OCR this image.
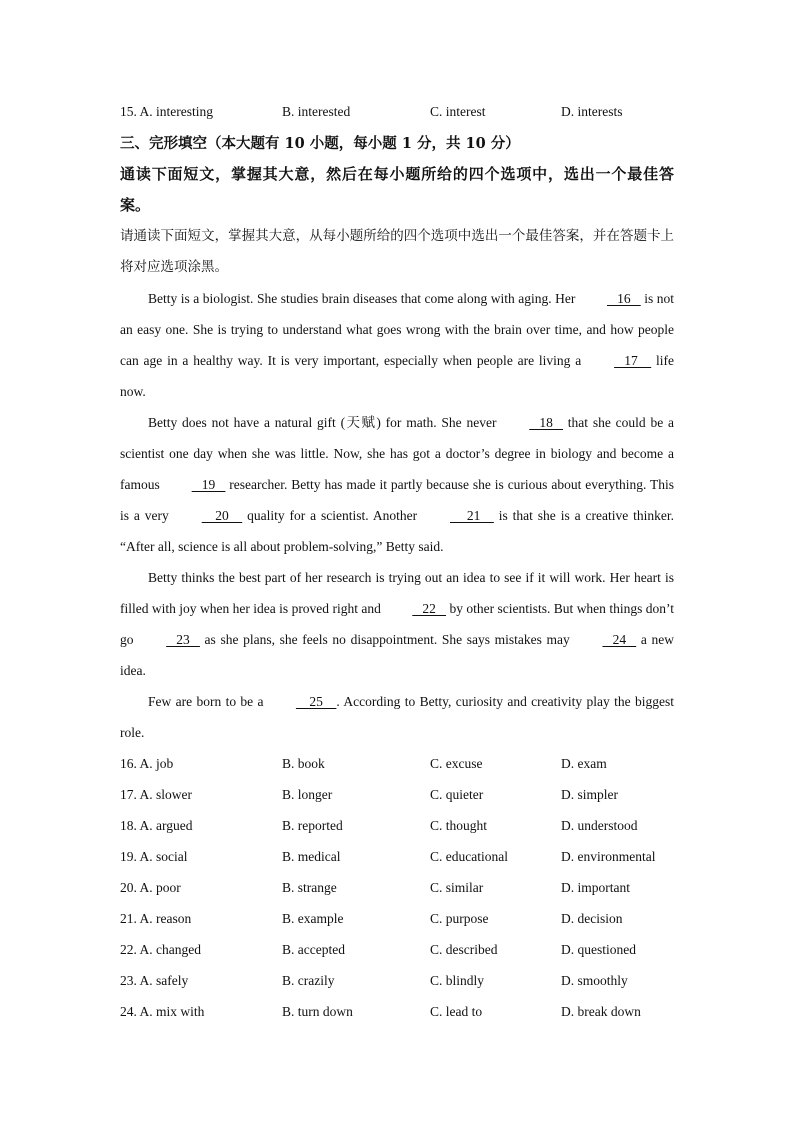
15. A. interesting	B. interested	C. interest	D. interests
三、完形填空（本大题有 10 小题，每小题 1 分，共 10 分）
通读下面短文，掌握其大意，然后在每小题所给的四个选项中，选出一个最佳答案。
请通读下面短文，掌握其大意，从每小题所给的四个选项中选出一个最佳答案，并在答题卡上将对应选项涂黑。

Betty is a biologist. She studies brain diseases that come along with aging. Her    16    is not an easy one. She is trying to understand what goes wrong with the brain over time, and how people can age in a healthy way. It is very important, especially when people are living a    17     life now.

Betty does not have a natural gift (天赋) for math. She never    18    that she could be a scientist one day when she was little. Now, she has got a doctor’s degree in biology and become a famous    19    researcher. Betty has made it partly because she is curious about everything. This is a very     20     quality for a scientist. Another      21     is that she is a creative thinker. “After all, science is all about problem-solving,” Betty said.

Betty thinks the best part of her research is trying out an idea to see if it will work. Her heart is filled with joy when her idea is proved right and    22    by other scientists. But when things don’t go    23    as she plans, she feels no disappointment. She says mistakes may    24    a new idea.

Few are born to be a     25    . According to Betty, curiosity and creativity play the biggest role.

16. A. job	B. book	C. excuse	D. exam
17. A. slower	B. longer	C. quieter	D. simpler
18. A. argued	B. reported	C. thought	D. understood
19. A. social	B. medical	C. educational	D. environmental
20. A. poor	B. strange	C. similar	D. important
21. A. reason	B. example	C. purpose	D. decision
22. A. changed	B. accepted	C. described	D. questioned
23. A. safely	B. crazily	C. blindly	D. smoothly
24. A. mix with	B. turn down	C. lead to	D. break down
